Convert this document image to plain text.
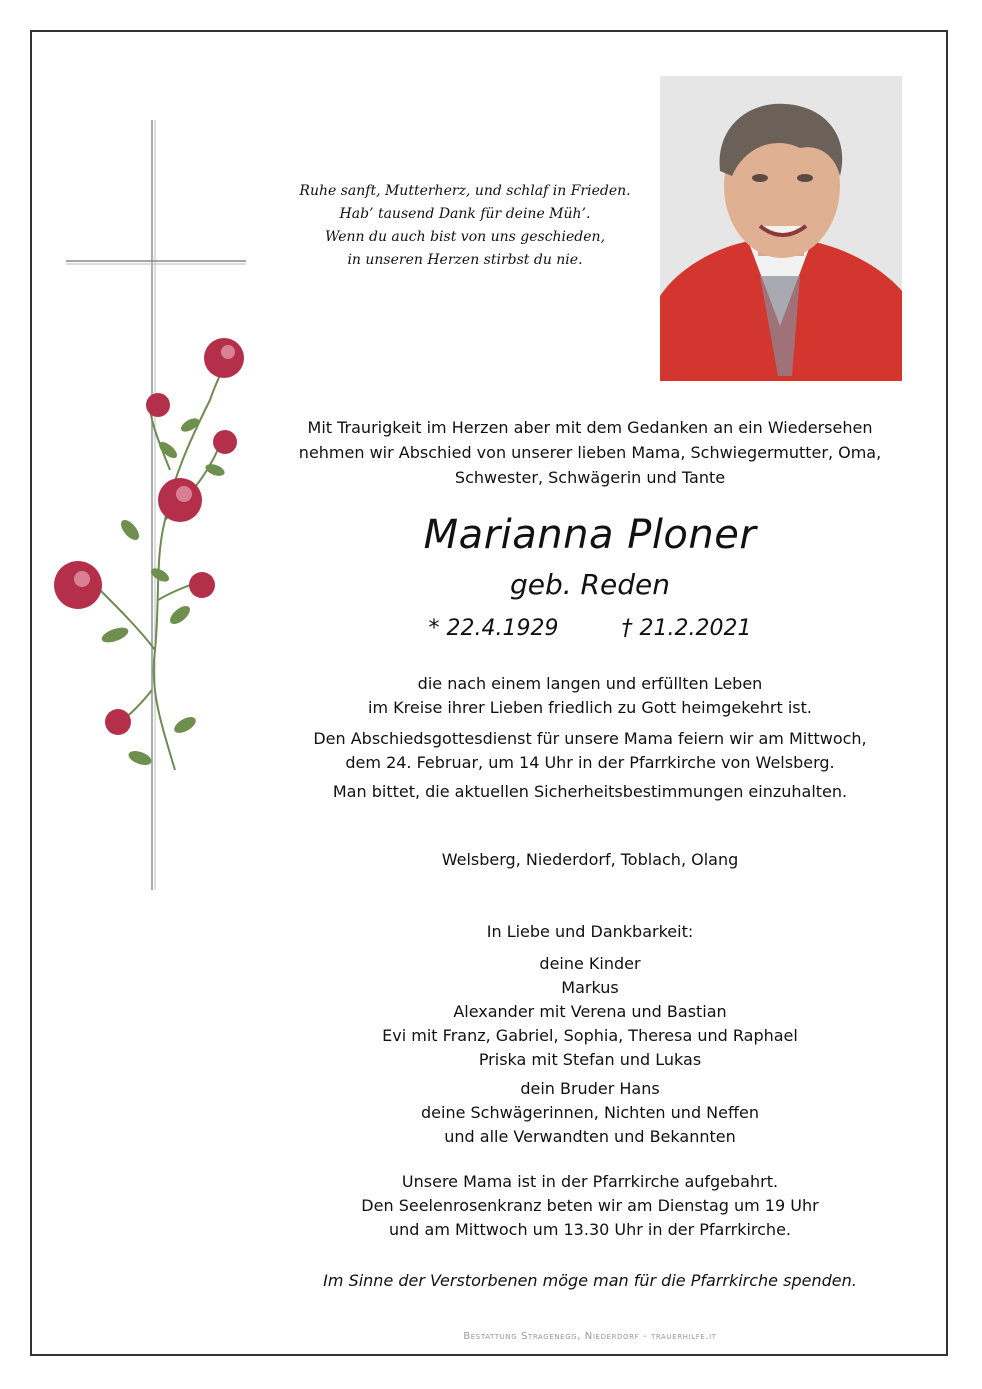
Ruhe sanft, Mutterherz, und schlaf in Frieden.
Hab’ tausend Dank für deine Müh’.
Wenn du auch bist von uns geschieden,
in unseren Herzen stirbst du nie.
Mit Traurigkeit im Herzen aber mit dem Gedanken an ein Wiedersehen
nehmen wir Abschied von unserer lieben Mama, Schwiegermutter, Oma,
Schwester, Schwägerin und Tante
Marianna Ploner
geb. Reden
* 22.4.1929	† 21.2.2021
die nach einem langen und erfüllten Leben
im Kreise ihrer Lieben friedlich zu Gott heimgekehrt ist.
Den Abschiedsgottesdienst für unsere Mama feiern wir am Mittwoch,
dem 24. Februar, um 14 Uhr in der Pfarrkirche von Welsberg.
Man bittet, die aktuellen Sicherheitsbestimmungen einzuhalten.
Welsberg, Niederdorf, Toblach, Olang
In Liebe und Dankbarkeit:
deine Kinder
Markus
Alexander mit Verena und Bastian
Evi mit Franz, Gabriel, Sophia, Theresa und Raphael
Priska mit Stefan und Lukas
dein Bruder Hans
deine Schwägerinnen, Nichten und Neffen
und alle Verwandten und Bekannten
Unsere Mama ist in der Pfarrkirche aufgebahrt.
Den Seelenrosenkranz beten wir am Dienstag um 19 Uhr
und am Mittwoch um 13.30 Uhr in der Pfarrkirche.
Im Sinne der Verstorbenen möge man für die Pfarrkirche spenden.
Bestattung Stragenegg, Niederdorf - trauerhilfe.it
